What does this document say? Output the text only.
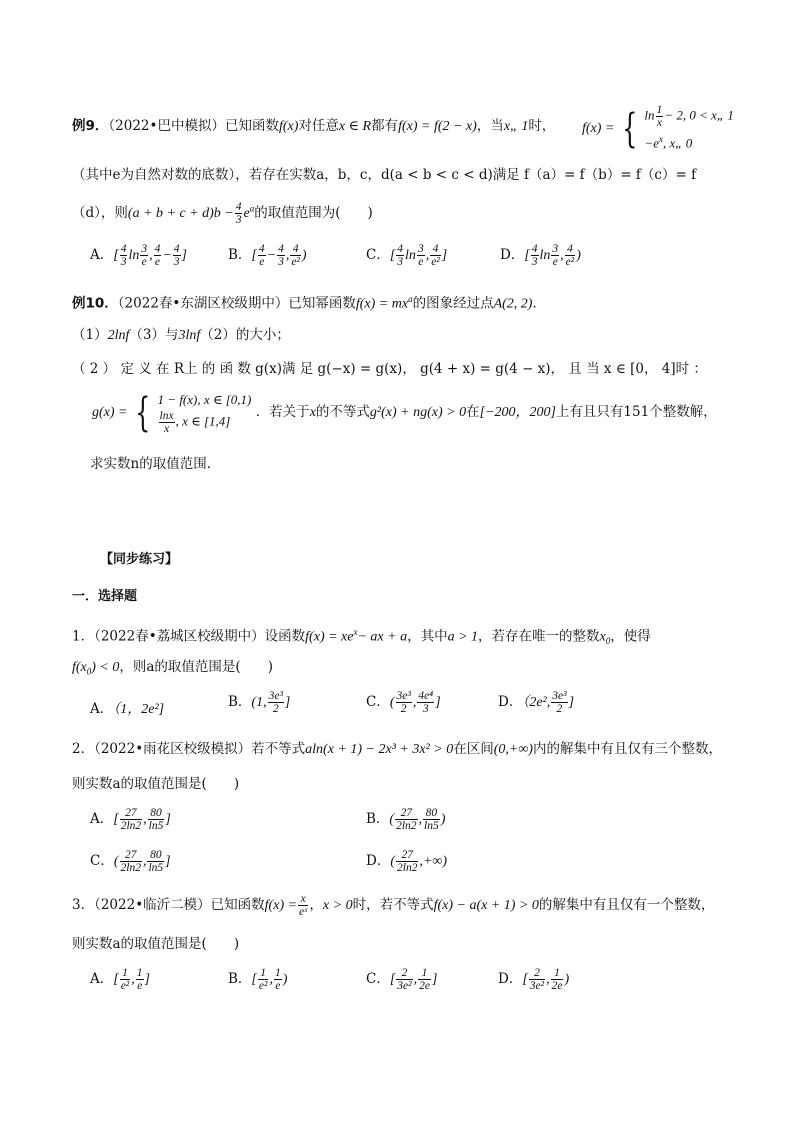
例9．（2022•巴中模拟）已知函数f(x)对任意x ∈ R都有f(x) = f(2 − x)，当x„ 1时， f(x) = { $\ln \frac{1}{x} - 2$, 0 < x„ 1
$-e^x$, x„ 0
（其中e为自然对数的底数），若存在实数a，b，c，d(a < b < c < d)满足 f（a）= f（b）= f（c）= f
（d），则$(a + b + c + d)b - \frac{4}{3} e^a$的取值范围为(　　)
A．[ $\frac{4}{3}$ $\ln \frac{3}{e}$ , $\frac{4}{e} - \frac{4}{3}$ ]	B．[ $\frac{4}{e} - \frac{4}{3}$ , $\frac{4}{\text{e²}}$ )	C．[ $\frac{4}{3}$ $\ln \frac{3}{e}$ , $\frac{4}{\text{e²}}$ ]	D．[ $\frac{4}{3}$ $\ln \frac{3}{e}$ , $\frac{4}{\text{e²}}$ )
例10．（2022春•东湖区校级期中）已知幂函数$f(x) = mx^a$的图象经过点A(2, 2)．
（1）2lnf（3）与3lnf（2）的大小；
（ 2 ） 定 义 在 R上 的 函 数 g(x)满 足 g(−x) = g(x)， g(4 + x) = g(4 − x)， 且 当 x ∈ [0， 4]时 ：
g(x) = { 1 − f(x), x ∈ [0,1)
$\frac{\ln x}{x}$ , x ∈ [1,4]
．若关于x的不等式g²(x) + ng(x) > 0在[−200，200]上有且只有151个整数解，
求实数n的取值范围.
【同步练习】
一．选择题
1．（2022春•荔城区校级期中）设函数$f(x) = xe^x-$ ax + a，其中a > 1，若存在唯一的整数$x_0$，使得
$f(x_0) < 0$，则a的取值范围是(　　)
A．（1，2e²]	B．(1, $\frac{\text{3e³}}{2}$ ]	C．( $\frac{\text{3e³}}{2}$ , $\frac{\text{4e⁴}}{3}$ ]	D．（2e², $\frac{\text{3e³}}{2}$ ]
2．（2022•雨花区校级模拟）若不等式aln(x + 1) − 2x³ + 3x² > 0在区间(0,+∞)内的解集中有且仅有三个整数，
则实数a的取值范围是(　　)
A．[ $\frac{27}{2\ln 2}$ , $\frac{80}{\ln 5}$ ]	B．( $\frac{27}{2\ln 2}$ , $\frac{80}{\ln 5}$ )
C．( $\frac{27}{2\ln 2}$ , $\frac{80}{\ln 5}$ ]	D．( $\frac{27}{2\ln 2}$ ,+∞)
3．（2022•临沂二模）已知函数$f(x) = \frac{x}{\text{eˣ}}$ ，x > 0时，若不等式f(x) − a(x + 1) > 0的解集中有且仅有一个整数，
则实数a的取值范围是(　　)
A．[ $\frac{1}{\text{e²}}$ , $\frac{1}{e}$ ]	B．[ $\frac{1}{\text{e²}}$ , $\frac{1}{e}$ )	C．[ $\frac{2}{\text{3e²}}$ , $\frac{1}{2e}$ ]	D．[ $\frac{2}{\text{3e²}}$ , $\frac{1}{2e}$ )
